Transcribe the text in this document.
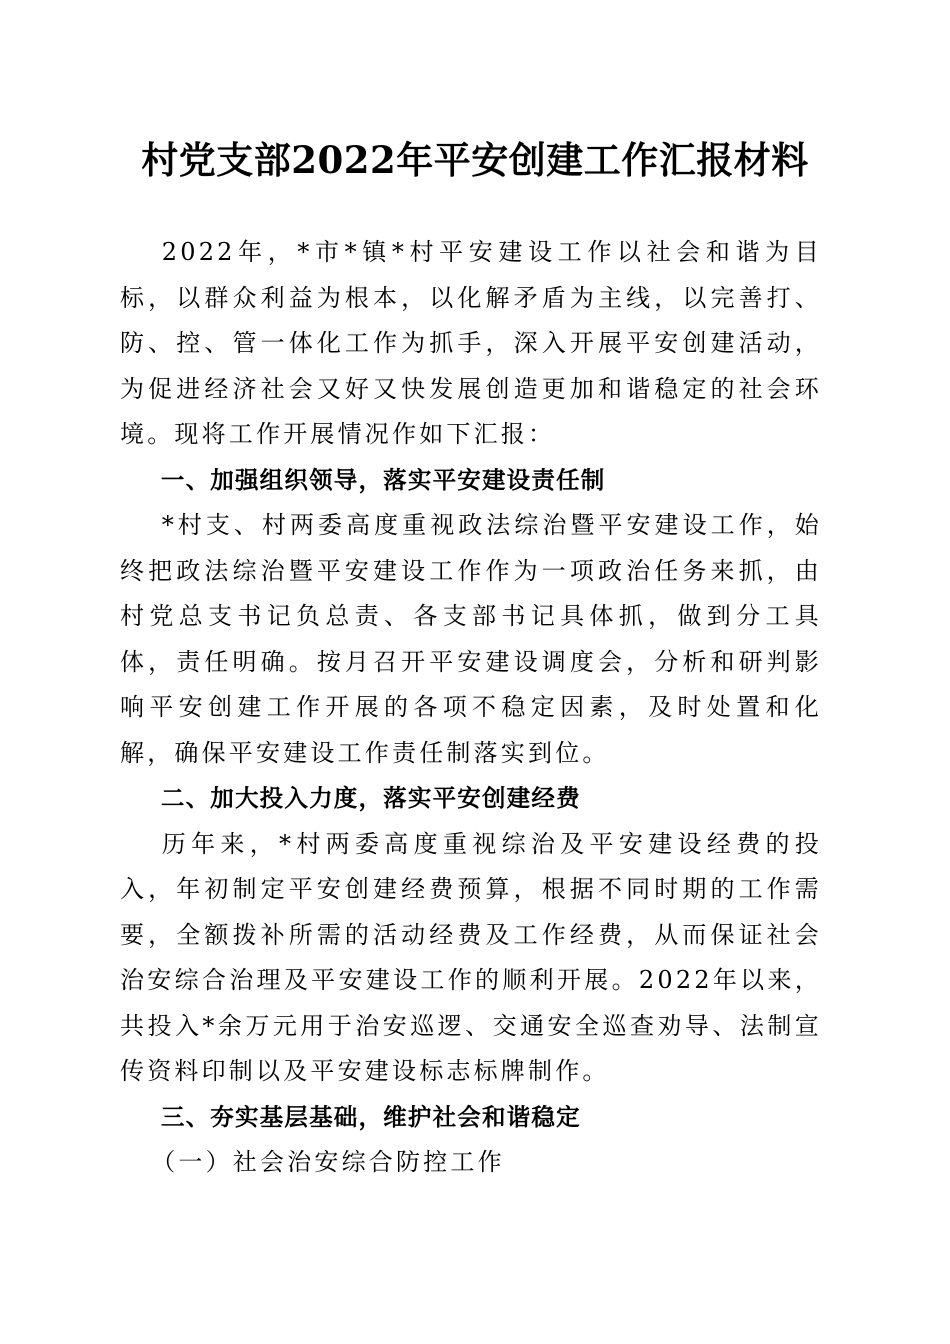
村党支部2022年平安创建工作汇报材料

2022年，*市*镇*村平安建设工作以社会和谐为目标，以群众利益为根本，以化解矛盾为主线，以完善打、防、控、管一体化工作为抓手，深入开展平安创建活动，为促进经济社会又好又快发展创造更加和谐稳定的社会环境。现将工作开展情况作如下汇报：

一、加强组织领导，落实平安建设责任制

*村支、村两委高度重视政法综治暨平安建设工作，始终把政法综治暨平安建设工作作为一项政治任务来抓，由村党总支书记负总责、各支部书记具体抓，做到分工具体，责任明确。按月召开平安建设调度会，分析和研判影响平安创建工作开展的各项不稳定因素，及时处置和化解，确保平安建设工作责任制落实到位。

二、加大投入力度，落实平安创建经费

历年来，*村两委高度重视综治及平安建设经费的投入，年初制定平安创建经费预算，根据不同时期的工作需要，全额拨补所需的活动经费及工作经费，从而保证社会治安综合治理及平安建设工作的顺利开展。2022年以来，共投入*余万元用于治安巡逻、交通安全巡查劝导、法制宣传资料印制以及平安建设标志标牌制作。

三、夯实基层基础，维护社会和谐稳定

（一）社会治安综合防控工作
